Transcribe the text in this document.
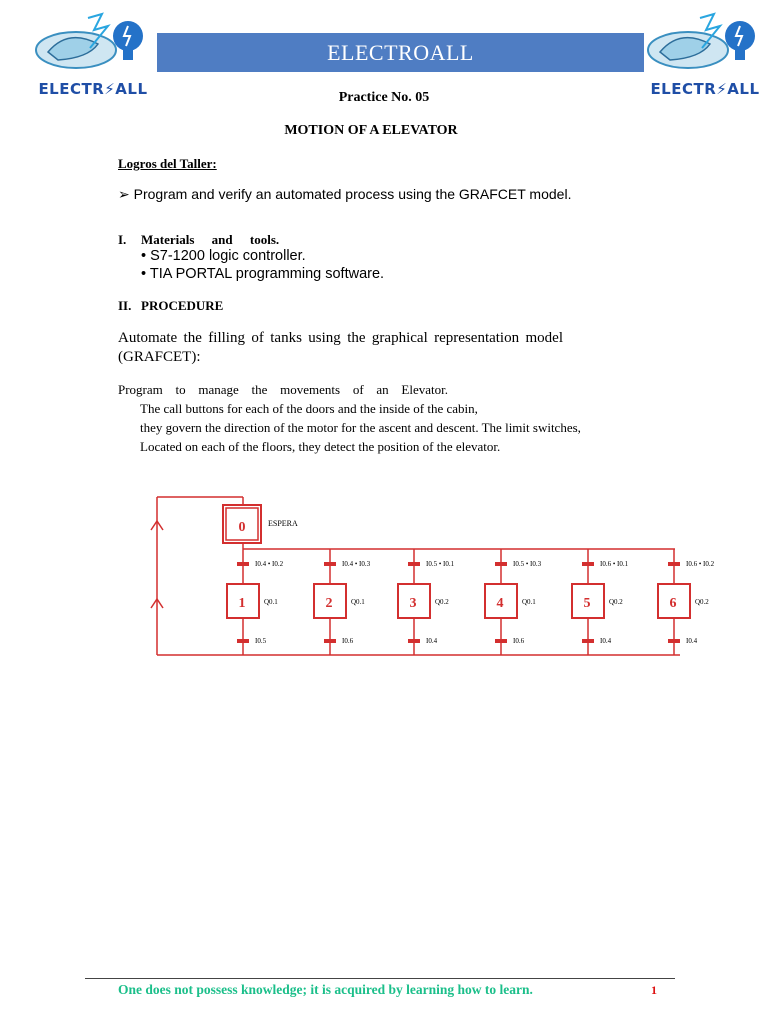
ELECTR⚡ALL
ELECTROALL
ELECTR⚡ALL
Practice No. 05
MOTION OF A ELEVATOR
Logros del Taller:
➢ Program and verify an automated process using the GRAFCET model.
I. Materials and tools.
• S7-1200 logic controller.
• TIA PORTAL programming software.
II. PROCEDURE
Automate the filling of tanks using the graphical representation model (GRAFCET):
Program to manage the movements of an Elevator.
The call buttons for each of the doors and the inside of the cabin,
they govern the direction of the motor for the ascent and descent. The limit switches,
Located on each of the floors, they detect the position of the elevator.
0	ESPERA
I0.4 • I0.2
1	Q0.1
I0.5
I0.4 • I0.3
2	Q0.1
I0.6
I0.5 • I0.1
3	Q0.2
I0.4
I0.5 • I0.3
4	Q0.1
I0.6
I0.6 • I0.1
5	Q0.2
I0.4
I0.6 • I0.2
6	Q0.2
I0.4
One does not possess knowledge; it is acquired by learning how to learn.	1
